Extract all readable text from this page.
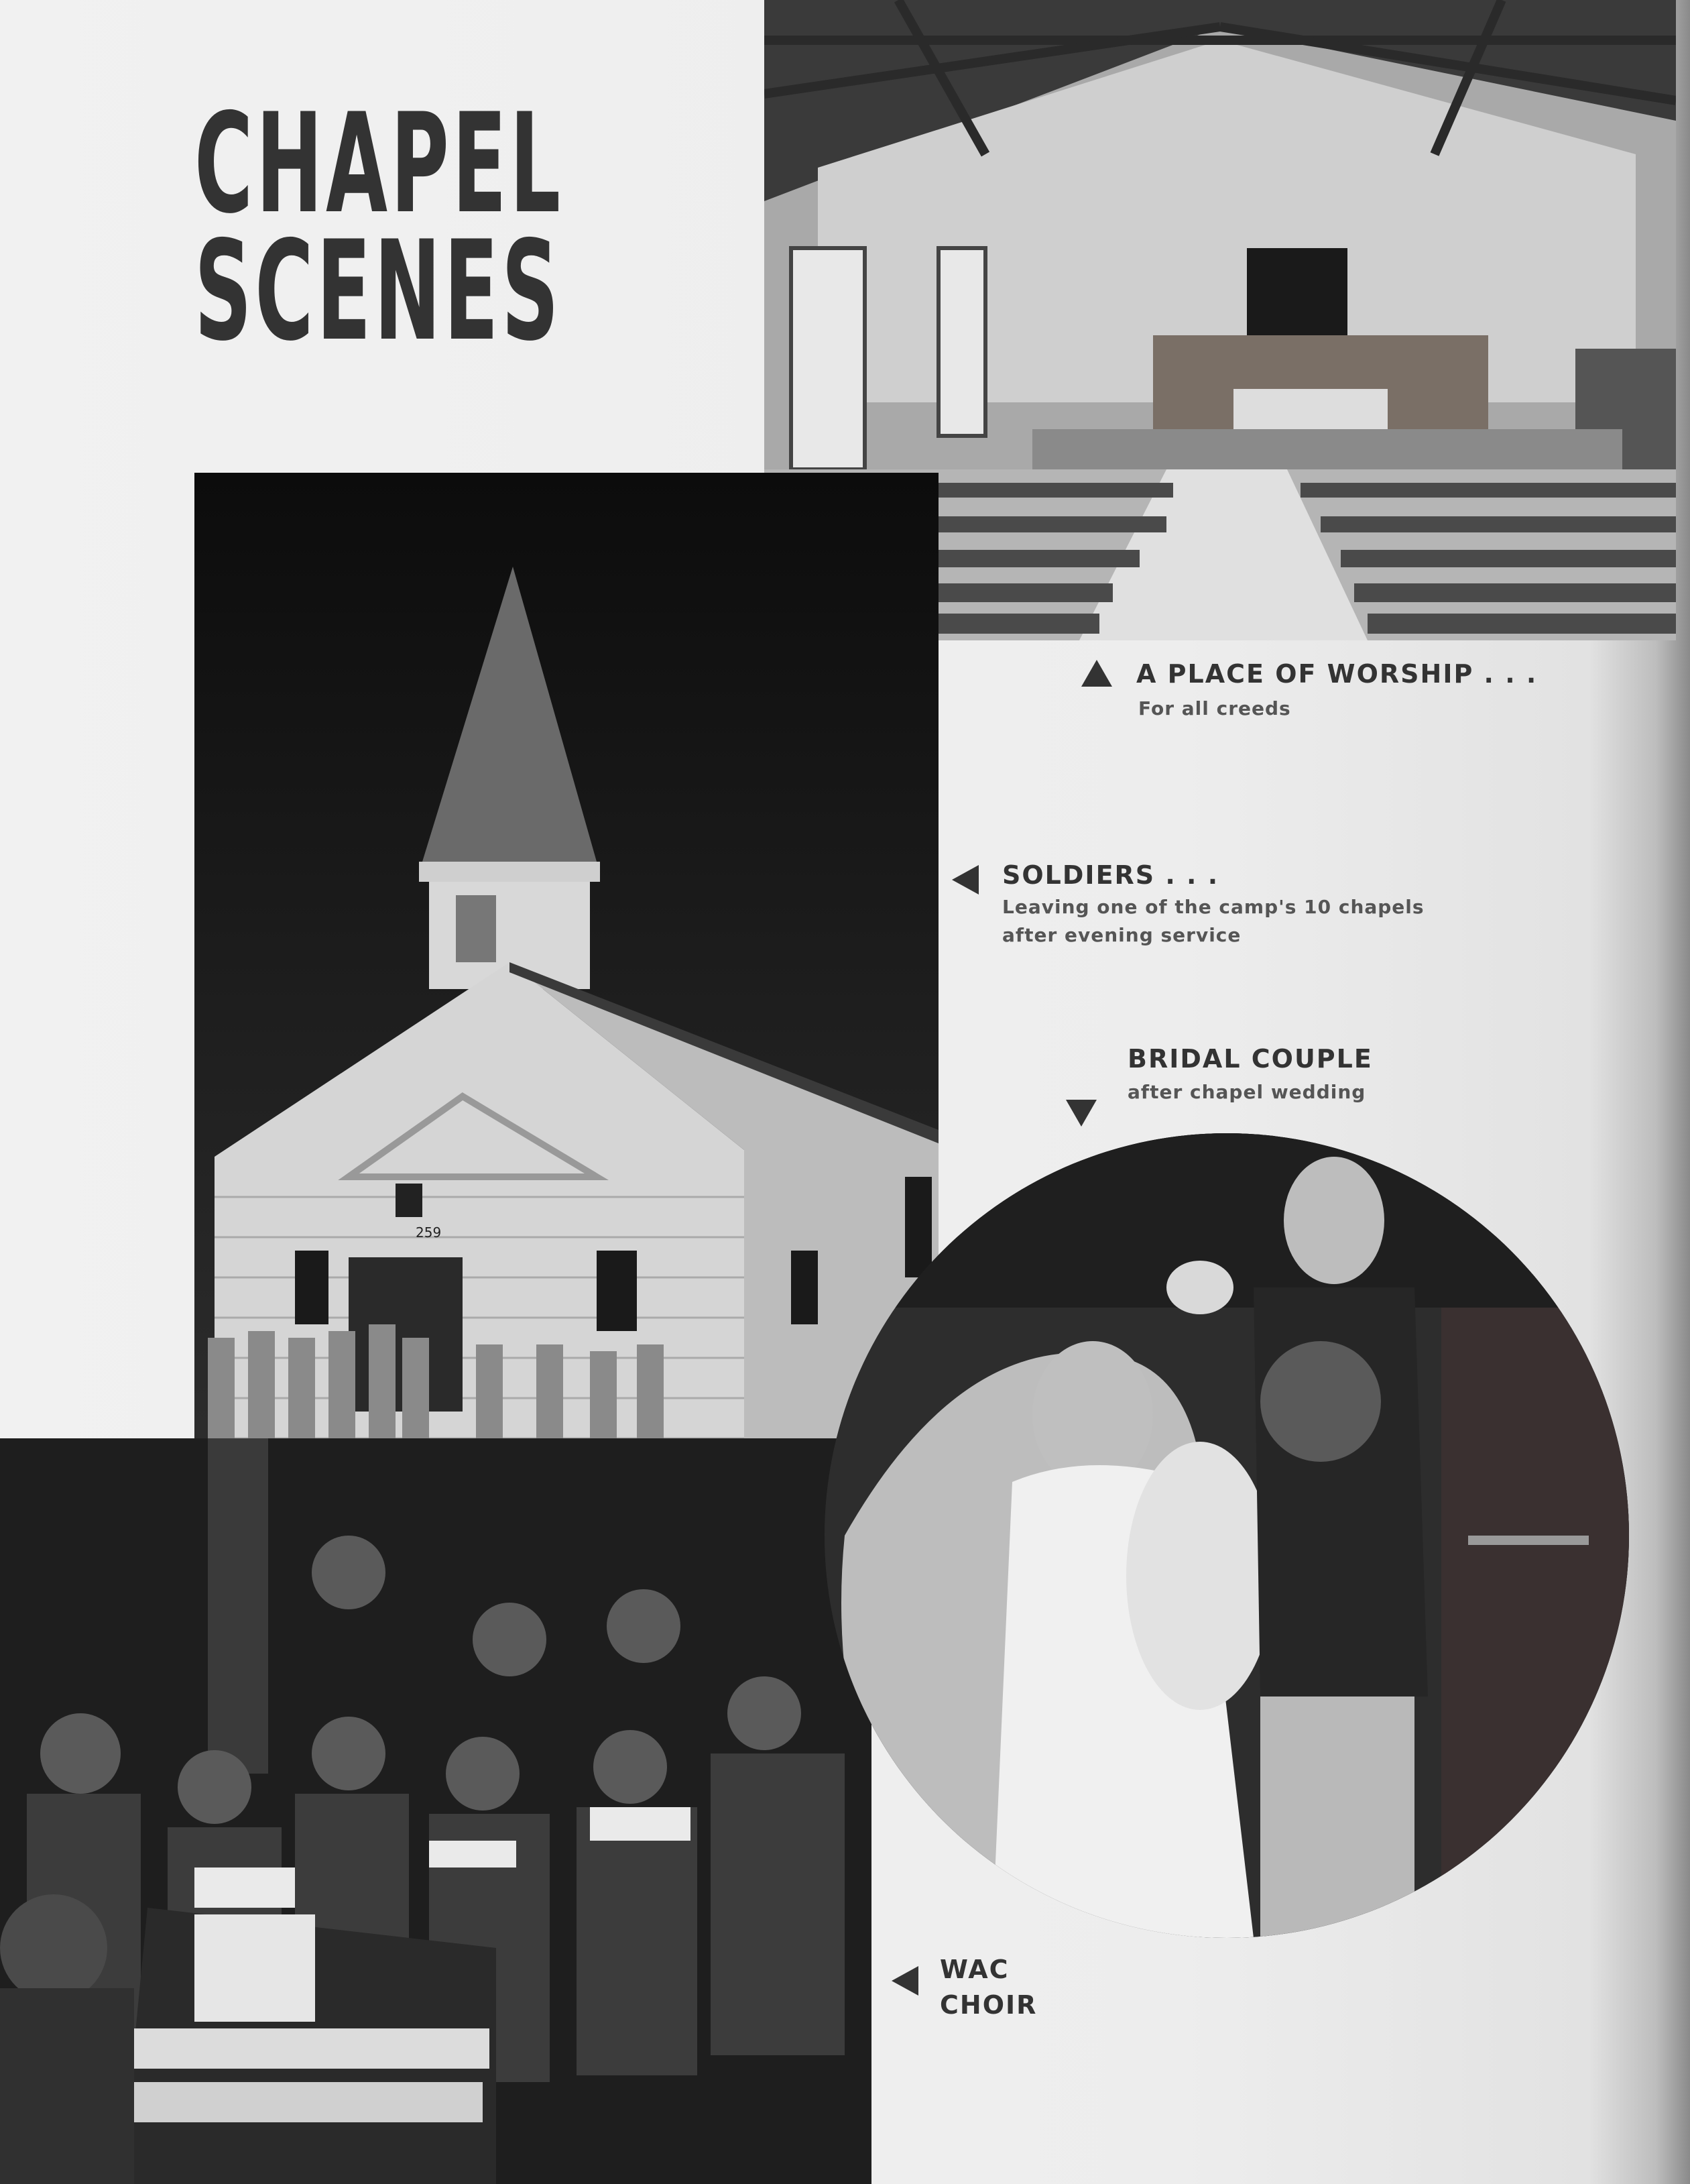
CHAPEL
SCENES
259
A PLACE OF WORSHIP . . .
For all creeds
SOLDIERS . . .
Leaving one of the camp's 10 chapels
after evening service
BRIDAL COUPLE
after chapel wedding
WAC
CHOIR
